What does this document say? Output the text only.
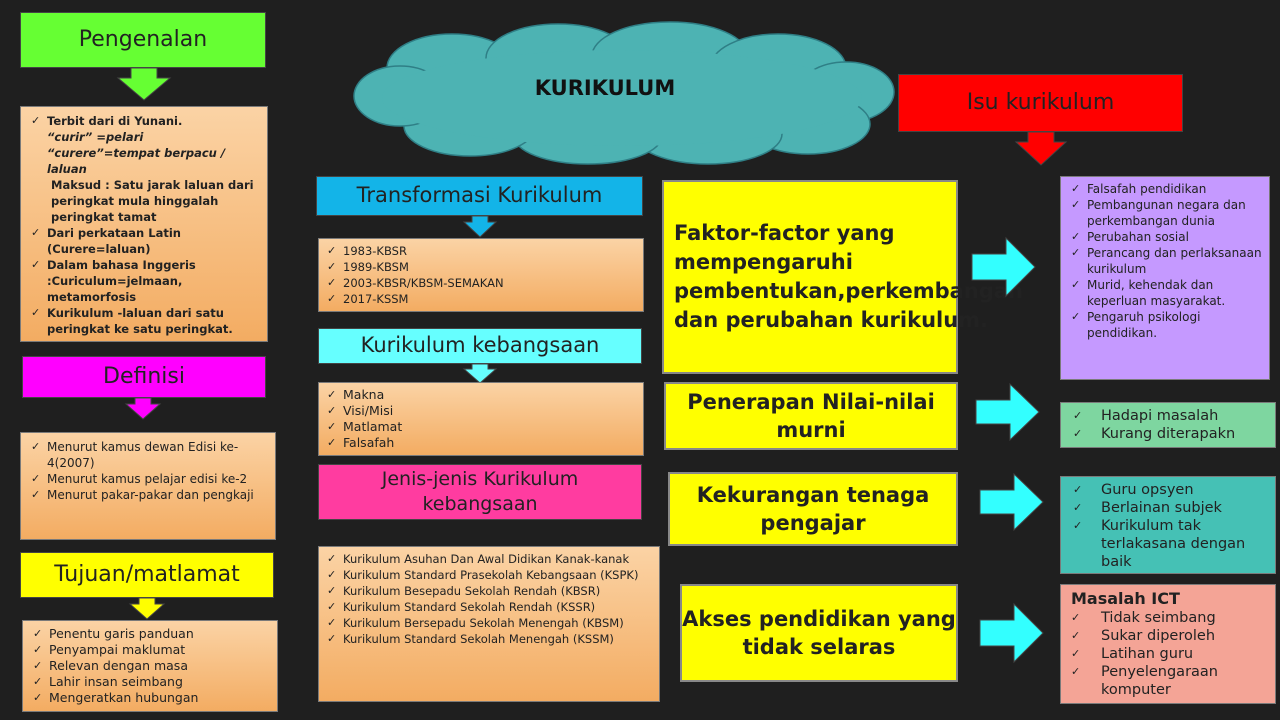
Pengenalan
✓ Terbit dari di Yunani.
“curir” =pelari
“curere”=tempat berpacu / laluan
Maksud : Satu jarak laluan dari peringkat mula hinggalah peringkat tamat
✓ Dari perkataan Latin (Curere=laluan)
✓ Dalam bahasa Inggeris :Curiculum=jelmaan, metamorfosis
✓ Kurikulum -laluan dari satu peringkat ke satu peringkat.
Definisi
✓ Menurut kamus dewan Edisi ke-4(2007)
✓ Menurut kamus pelajar edisi ke-2
✓ Menurut pakar-pakar dan pengkaji
Tujuan/matlamat
✓ Penentu garis panduan
✓ Penyampai maklumat
✓ Relevan dengan masa
✓ Lahir insan seimbang
✓ Mengeratkan hubungan
KURIKULUM
Transformasi Kurikulum
✓ 1983-KBSR
✓ 1989-KBSM
✓ 2003-KBSR/KBSM-SEMAKAN
✓ 2017-KSSM
Kurikulum kebangsaan
✓ Makna
✓ Visi/Misi
✓ Matlamat
✓ Falsafah
Jenis-jenis Kurikulum kebangsaan
✓ Kurikulum Asuhan Dan Awal Didikan Kanak-kanak
✓ Kurikulum Standard Prasekolah Kebangsaan (KSPK)
✓ Kurikulum Besepadu Sekolah Rendah (KBSR)
✓ Kurikulum Standard Sekolah Rendah (KSSR)
✓ Kurikulum Bersepadu Sekolah Menengah (KBSM)
✓ Kurikulum Standard Sekolah Menengah (KSSM)
Isu kurikulum
Faktor-factor yang mempengaruhi pembentukan,perkembangan dan perubahan kurikulum.
✓ Falsafah pendidikan
✓ Pembangunan negara dan perkembangan dunia
✓ Perubahan sosial
✓ Perancang dan perlaksanaan kurikulum
✓ Murid, kehendak dan keperluan masyarakat.
✓ Pengaruh psikologi pendidikan.
Penerapan Nilai-nilai murni
✓ Hadapi masalah
✓ Kurang diterapakn
Kekurangan tenaga pengajar
✓ Guru opsyen
✓ Berlainan subjek
✓ Kurikulum tak terlakasana dengan baik
Akses pendidikan yang tidak selaras
Masalah ICT
✓ Tidak seimbang
✓ Sukar diperoleh
✓ Latihan guru
✓ Penyelengaraan komputer
